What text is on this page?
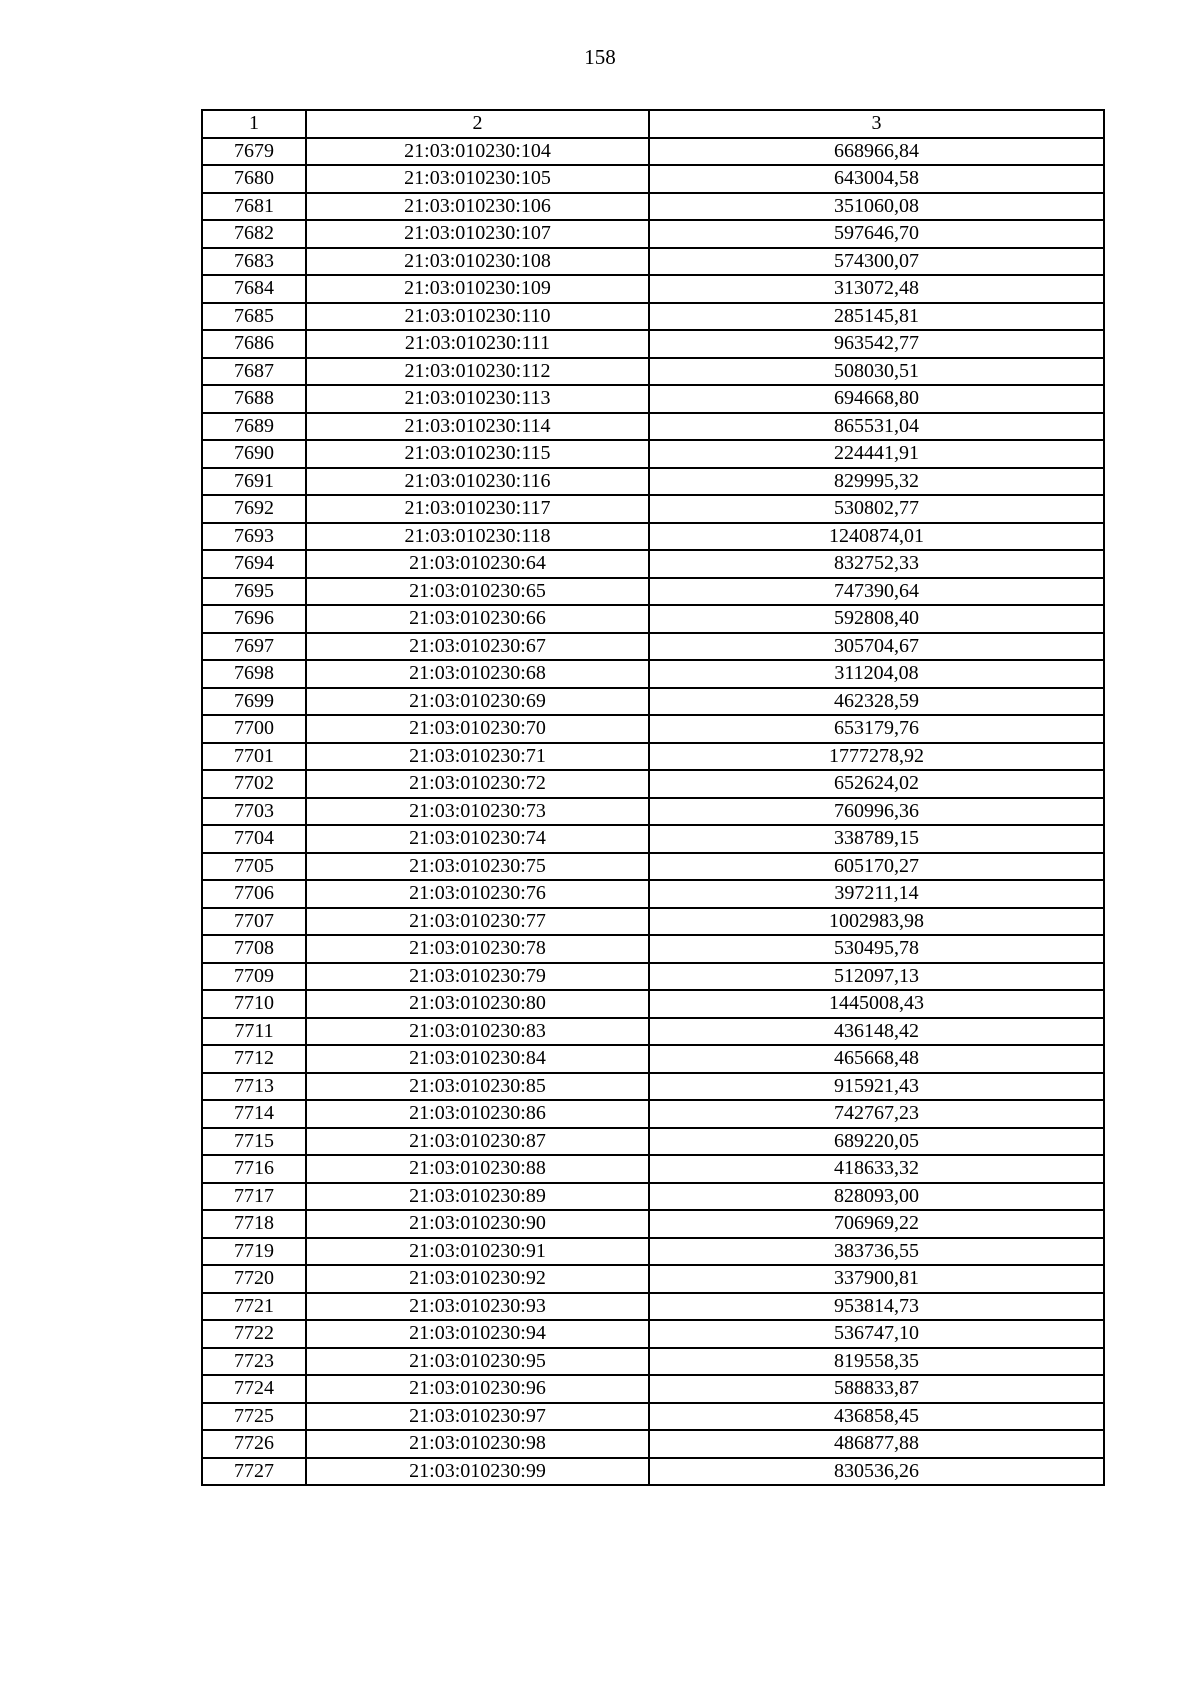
158
1	2	3
7679	21:03:010230:104	668966,84
7680	21:03:010230:105	643004,58
7681	21:03:010230:106	351060,08
7682	21:03:010230:107	597646,70
7683	21:03:010230:108	574300,07
7684	21:03:010230:109	313072,48
7685	21:03:010230:110	285145,81
7686	21:03:010230:111	963542,77
7687	21:03:010230:112	508030,51
7688	21:03:010230:113	694668,80
7689	21:03:010230:114	865531,04
7690	21:03:010230:115	224441,91
7691	21:03:010230:116	829995,32
7692	21:03:010230:117	530802,77
7693	21:03:010230:118	1240874,01
7694	21:03:010230:64	832752,33
7695	21:03:010230:65	747390,64
7696	21:03:010230:66	592808,40
7697	21:03:010230:67	305704,67
7698	21:03:010230:68	311204,08
7699	21:03:010230:69	462328,59
7700	21:03:010230:70	653179,76
7701	21:03:010230:71	1777278,92
7702	21:03:010230:72	652624,02
7703	21:03:010230:73	760996,36
7704	21:03:010230:74	338789,15
7705	21:03:010230:75	605170,27
7706	21:03:010230:76	397211,14
7707	21:03:010230:77	1002983,98
7708	21:03:010230:78	530495,78
7709	21:03:010230:79	512097,13
7710	21:03:010230:80	1445008,43
7711	21:03:010230:83	436148,42
7712	21:03:010230:84	465668,48
7713	21:03:010230:85	915921,43
7714	21:03:010230:86	742767,23
7715	21:03:010230:87	689220,05
7716	21:03:010230:88	418633,32
7717	21:03:010230:89	828093,00
7718	21:03:010230:90	706969,22
7719	21:03:010230:91	383736,55
7720	21:03:010230:92	337900,81
7721	21:03:010230:93	953814,73
7722	21:03:010230:94	536747,10
7723	21:03:010230:95	819558,35
7724	21:03:010230:96	588833,87
7725	21:03:010230:97	436858,45
7726	21:03:010230:98	486877,88
7727	21:03:010230:99	830536,26
